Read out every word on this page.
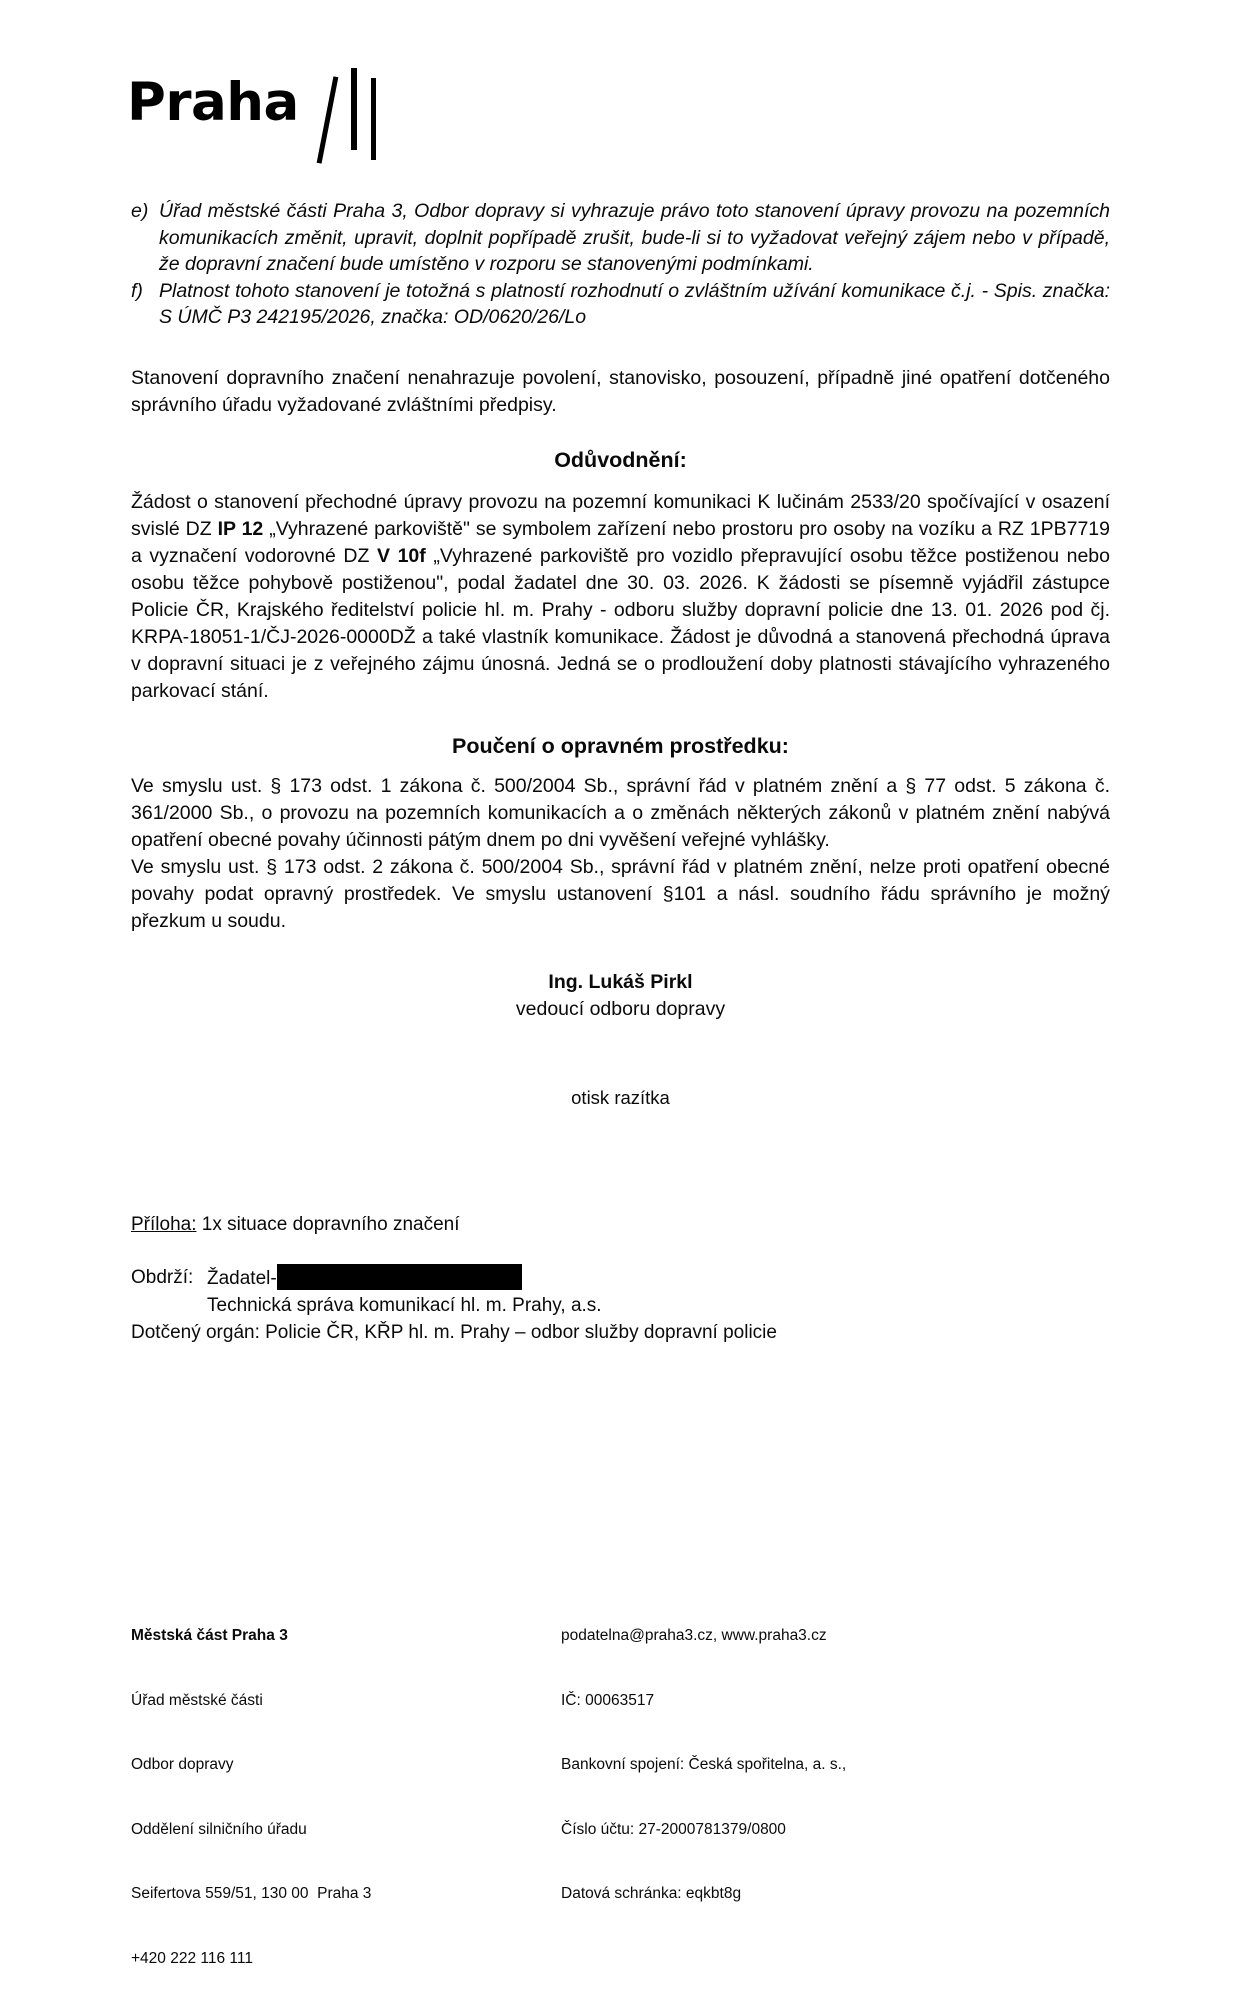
Praha
e) Úřad městské části Praha 3, Odbor dopravy si vyhrazuje právo toto stanovení úpravy provozu na pozemních komunikacích změnit, upravit, doplnit popřípadě zrušit, bude-li si to vyžadovat veřejný zájem nebo v případě, že dopravní značení bude umístěno v rozporu se stanovenými podmínkami.
f) Platnost tohoto stanovení je totožná s platností rozhodnutí o zvláštním užívání komunikace č.j. - Spis. značka: S ÚMČ P3 242195/2026, značka: OD/0620/26/Lo

Stanovení dopravního značení nenahrazuje povolení, stanovisko, posouzení, případně jiné opatření dotčeného správního úřadu vyžadované zvláštními předpisy.

Odůvodnění:

Žádost o stanovení přechodné úpravy provozu na pozemní komunikaci K lučinám 2533/20 spočívající v osazení svislé DZ IP 12 „Vyhrazené parkoviště" se symbolem zařízení nebo prostoru pro osoby na vozíku a RZ 1PB7719 a vyznačení vodorovné DZ V 10f „Vyhrazené parkoviště pro vozidlo přepravující osobu těžce postiženou nebo osobu těžce pohybově postiženou", podal žadatel dne 30. 03. 2026. K žádosti se písemně vyjádřil zástupce Policie ČR, Krajského ředitelství policie hl. m. Prahy - odboru služby dopravní policie dne 13. 01. 2026 pod čj. KRPA-18051-1/ČJ-2026-0000DŽ a také vlastník komunikace. Žádost je důvodná a stanovená přechodná úprava v dopravní situaci je z veřejného zájmu únosná. Jedná se o prodloužení doby platnosti stávajícího vyhrazeného parkovací stání.

Poučení o opravném prostředku:

Ve smyslu ust. § 173 odst. 1 zákona č. 500/2004 Sb., správní řád v platném znění a § 77 odst. 5 zákona č. 361/2000 Sb., o provozu na pozemních komunikacích a o změnách některých zákonů v platném znění nabývá opatření obecné povahy účinnosti pátým dnem po dni vyvěšení veřejné vyhlášky.

Ve smyslu ust. § 173 odst. 2 zákona č. 500/2004 Sb., správní řád v platném znění, nelze proti opatření obecné povahy podat opravný prostředek. Ve smyslu ustanovení §101 a násl. soudního řádu správního je možný přezkum u soudu.

Ing. Lukáš Pirkl
vedoucí odboru dopravy
otisk razítka
Příloha: 1x situace dopravního značení
Obdrží: Žadatel-
Technická správa komunikací hl. m. Prahy, a.s.
Dotčený orgán: Policie ČR, KŘP hl. m. Prahy – odbor služby dopravní policie

Městská část Praha 3

Úřad městské části

Odbor dopravy

Oddělení silničního úřadu

Seifertova 559/51, 130 00  Praha 3

+420 222 116 111

podatelna@praha3.cz, www.praha3.cz

IČ: 00063517

Bankovní spojení: Česká spořitelna, a. s.,

Číslo účtu: 27-2000781379/0800

Datová schránka: eqkbt8g
